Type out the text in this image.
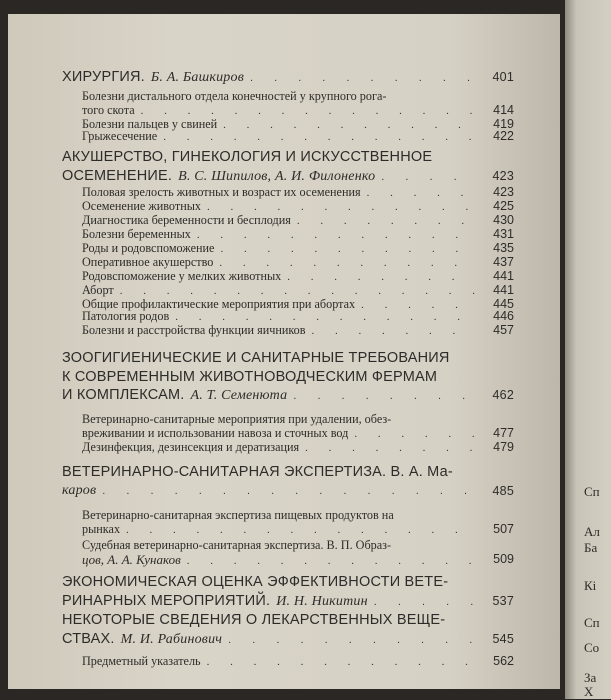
ХИРУРГИЯ. Б. А. Башкиров . . .	401
Болезни дистального отдела конечностей у крупного рога-
того скота . . .	414
Болезни пальцев у свиней . . .	419
Грыжесечение . . .	422
АКУШЕРСТВО, ГИНЕКОЛОГИЯ И ИСКУССТВЕННОЕ
ОСЕМЕНЕНИЕ. В. С. Шипилов, А. И. Филоненко . . .	423
Половая зрелость животных и возраст их осеменения . . .	423
Осеменение животных . . .	425
Диагностика беременности и бесплодия . . .	430
Болезни беременных . . .	431
Роды и родовспоможение . . .	435
Оперативное акушерство . . .	437
Родовспоможение у мелких животных . . .	441
Аборт . . .	441
Общие профилактические мероприятия при абортах . . .	445
Патология родов . . .	446
Болезни и расстройства функции яичников . . .	457
ЗООГИГИЕНИЧЕСКИЕ И САНИТАРНЫЕ ТРЕБОВАНИЯ
К СОВРЕМЕННЫМ ЖИВОТНОВОДЧЕСКИМ ФЕРМАМ
И КОМПЛЕКСАМ. А. Т. Семенюта . . .	462
Ветеринарно-санитарные мероприятия при удалении, обез-
вреживании и использовании навоза и сточных вод . . .	477
Дезинфекция, дезинсекция и дератизация . . .	479
ВЕТЕРИНАРНО-САНИТАРНАЯ ЭКСПЕРТИЗА. В. А. Ма-
каров . . .	485
Ветеринарно-санитарная экспертиза пищевых продуктов на
рынках . . .	507
Судебная ветеринарно-санитарная экспертиза. В. П. Образ-
цов, А. А. Кунаков . . .	509
ЭКОНОМИЧЕСКАЯ ОЦЕНКА ЭФФЕКТИВНОСТИ ВЕТЕ-
РИНАРНЫХ МЕРОПРИЯТИЙ. И. Н. Никитин . . .	537
НЕКОТОРЫЕ СВЕДЕНИЯ О ЛЕКАРСТВЕННЫХ ВЕЩЕ-
СТВАХ. М. И. Рабинович . . .	545
Предметный указатель . . .	562
Сп
Ал
Ба
Кі
Сп
Со
За
Х
